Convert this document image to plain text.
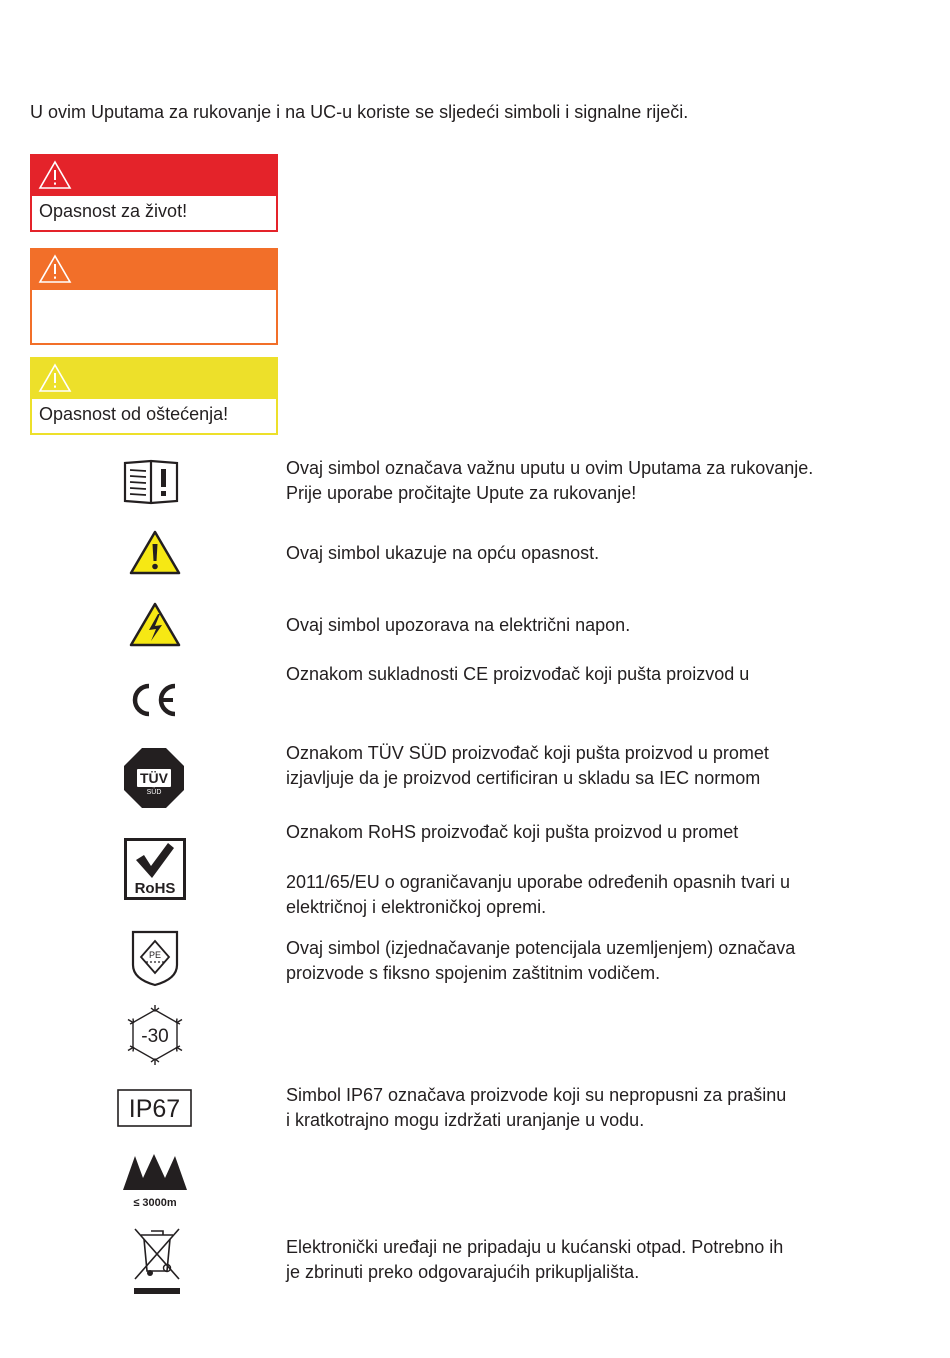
U ovim Uputama za rukovanje i na UC-u koriste se sljedeći simboli i signalne riječi.
Opasnost za život!
Opasnost od oštećenja!
Ovaj simbol označava važnu uputu u ovim Uputama za rukovanje.
Prije uporabe pročitajte Upute za rukovanje!
Ovaj simbol ukazuje na opću opasnost.
Ovaj simbol upozorava na električni napon.
Oznakom sukladnosti CE proizvođač koji pušta proizvod u
TÜV
SÜD
Oznakom TÜV SÜD proizvođač koji pušta proizvod u promet
izjavljuje da je proizvod certificiran u skladu sa IEC normom
RoHS
Oznakom RoHS proizvođač koji pušta proizvod u promet
2011/65/EU o ograničavanju uporabe određenih opasnih tvari u
električnoj i elektroničkoj opremi.
PE	Ovaj simbol (izjednačavanje potencijala uzemljenjem) označava
proizvode s fiksno spojenim zaštitnim vodičem.
-30
IP67	Simbol IP67 označava proizvode koji su nepropusni za prašinu
i kratkotrajno mogu izdržati uranjanje u vodu.
≤ 3000m
Elektronički uređaji ne pripadaju u kućanski otpad. Potrebno ih
je zbrinuti preko odgovarajućih prikupljališta.
